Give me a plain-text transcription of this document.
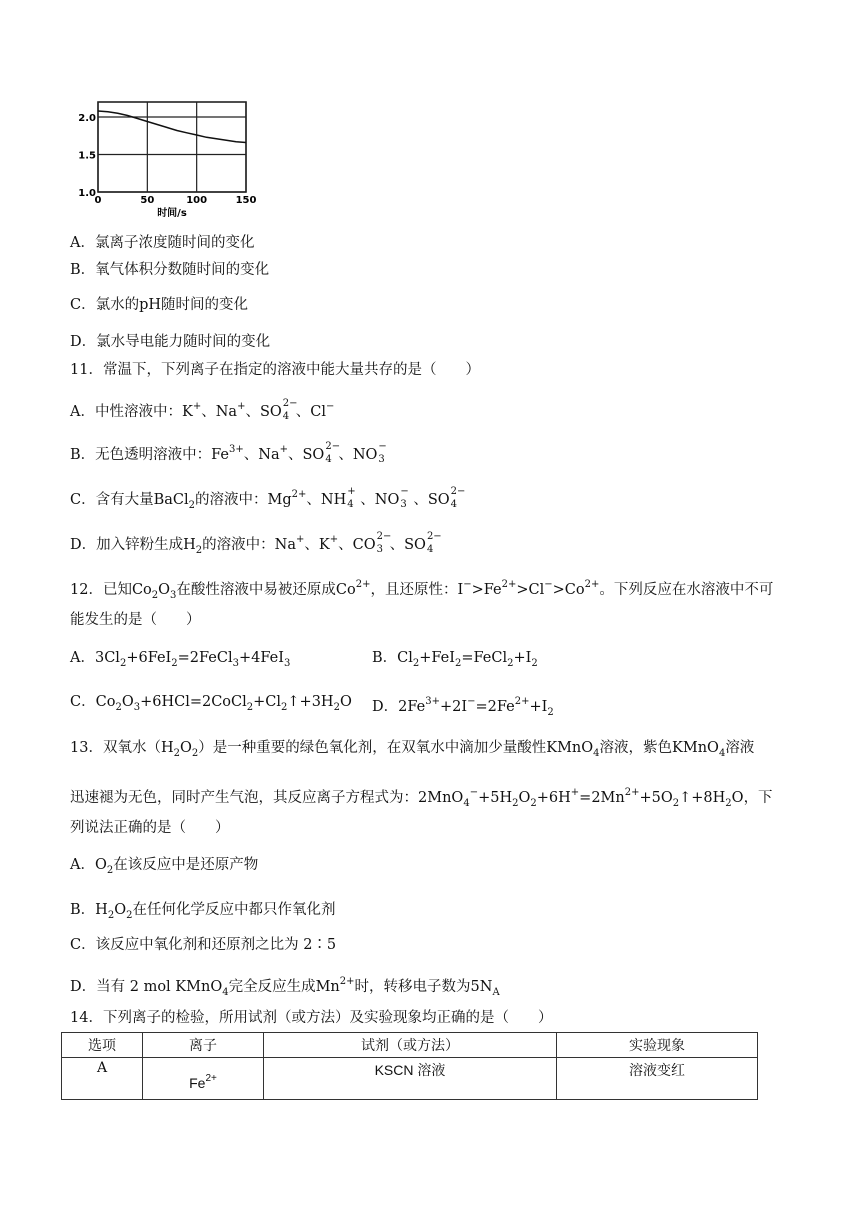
0	50	100	150
1.0
1.5
2.0
时间/s
A．氯离子浓度随时间的变化
B．氧气体积分数随时间的变化
C．氯水的pH随时间的变化
D．氯水导电能力随时间的变化
11．常温下，下列离子在指定的溶液中能大量共存的是（　　）
A．中性溶液中：K+、Na+、SO
2−
4 、Cl−
B．无色透明溶液中：$Fe^{3+}$、Na+、SO
2−
4 、NO
−
3
C．含有大量BaCl$_2$的溶液中：$Mg^{2+}$、NH
+
4 、NO
−
3 、SO
2−
4
D．加入锌粉生成$H_2$的溶液中：Na+、K+、CO
2−
3 、SO
2−
4
12．已知$Co_2O_3$在酸性溶液中易被还原成$Co^{2+}$，且还原性：$I^->Fe^{2+}>Cl^->Co^{2+}$。下列反应在水溶液中不可
能发生的是（　　）
A．$3Cl_2+6FeI_2=2FeCl_3+4FeI_3$	B．$Cl_2+FeI_2=FeCl_2+I_2$
C．$Co_2O_3+6HCl=2CoCl_2+Cl_2↑+3H_2O$ D．$2Fe^{3+}+2I^-=2Fe^{2+}+I_2$
13．双氧水$(H_2O_2)$是一种重要的绿色氧化剂，在双氧水中滴加少量酸性KMnO$_4$溶液，紫色KMnO$_4$溶液
迅速褪为无色，同时产生气泡，其反应离子方程式为：$2MnO_4^-+5H_2O_2+6H^+=2Mn^{2+}+5O_2↑+8H_2O$，下
列说法正确的是（　　）
A．$O_2$在该反应中是还原产物
B．$H_2O_2$在任何化学反应中都只作氧化剂
C．该反应中氧化剂和还原剂之比为 2∶5
D．当有 2 mol KMnO$_4$完全反应生成$Mn^{2+}$时，转移电子数为$5N_A$
14．下列离子的检验，所用试剂（或方法）及实验现象均正确的是（　　）
选项	离子	试剂（或方法）	实验现象
A	$Fe^{2+}$	KSCN 溶液	溶液变红
